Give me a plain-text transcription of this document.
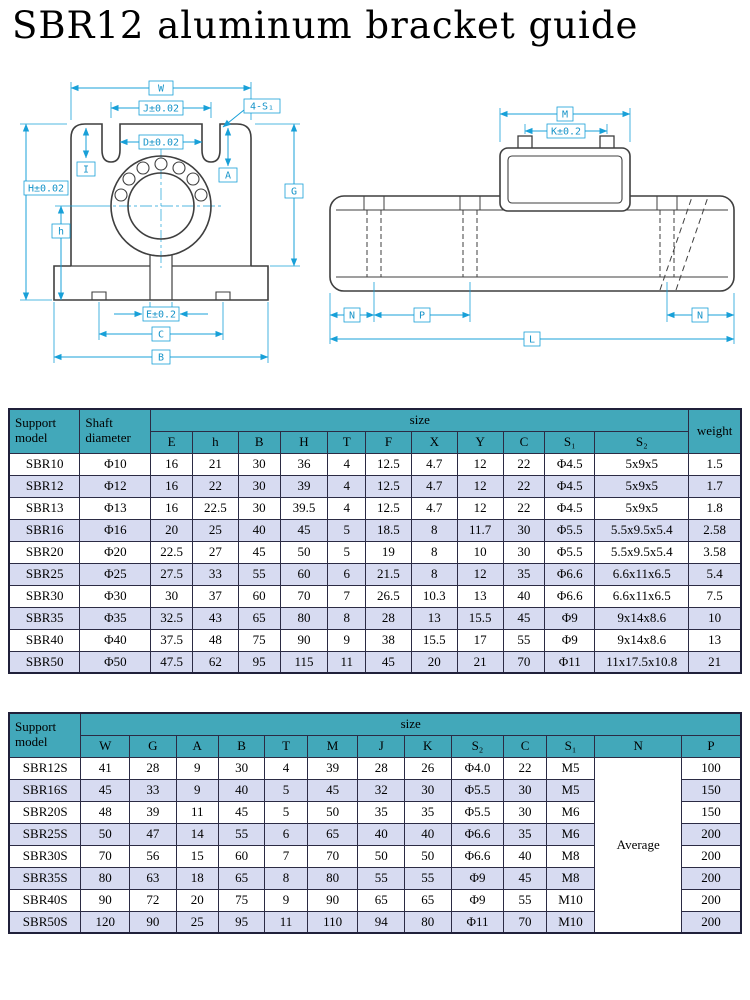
SBR12 aluminum bracket guide
W
J±0.02	4-S₁
D±0.02
I
A
H±0.02	G
h
E±0.2
C
B
M
K±0.2
N	P	N
L
Support model	Shaft diameter	size											weight
		E	h	B	H	T	F	X	Y	C	S₁	S₂	
SBR10	Φ10	16	21	30	36	4	12.5	4.7	12	22	Φ4.5	5x9x5	1.5
SBR12	Φ12	16	22	30	39	4	12.5	4.7	12	22	Φ4.5	5x9x5	1.7
SBR13	Φ13	16	22.5	30	39.5	4	12.5	4.7	12	22	Φ4.5	5x9x5	1.8
SBR16	Φ16	20	25	40	45	5	18.5	8	11.7	30	Φ5.5	5.5x9.5x5.4	2.58
SBR20	Φ20	22.5	27	45	50	5	19	8	10	30	Φ5.5	5.5x9.5x5.4	3.58
SBR25	Φ25	27.5	33	55	60	6	21.5	8	12	35	Φ6.6	6.6x11x6.5	5.4
SBR30	Φ30	30	37	60	70	7	26.5	10.3	13	40	Φ6.6	6.6x11x6.5	7.5
SBR35	Φ35	32.5	43	65	80	8	28	13	15.5	45	Φ9	9x14x8.6	10
SBR40	Φ40	37.5	48	75	90	9	38	15.5	17	55	Φ9	9x14x8.6	13
SBR50	Φ50	47.5	62	95	115	11	45	20	21	70	Φ11	11x17.5x10.8	21
Support model	size												
	W	G	A	B	T	M	J	K	S₂	C	S₁	N	P
SBR12S	41	28	9	30	4	39	28	26	Φ4.0	22	M5	Average	100
SBR16S	45	33	9	40	5	45	32	30	Φ5.5	30	M5		150
SBR20S	48	39	11	45	5	50	35	35	Φ5.5	30	M6		150
SBR25S	50	47	14	55	6	65	40	40	Φ6.6	35	M6		200
SBR30S	70	56	15	60	7	70	50	50	Φ6.6	40	M8		200
SBR35S	80	63	18	65	8	80	55	55	Φ9	45	M8		200
SBR40S	90	72	20	75	9	90	65	65	Φ9	55	M10		200
SBR50S	120	90	25	95	11	110	94	80	Φ11	70	M10		200
